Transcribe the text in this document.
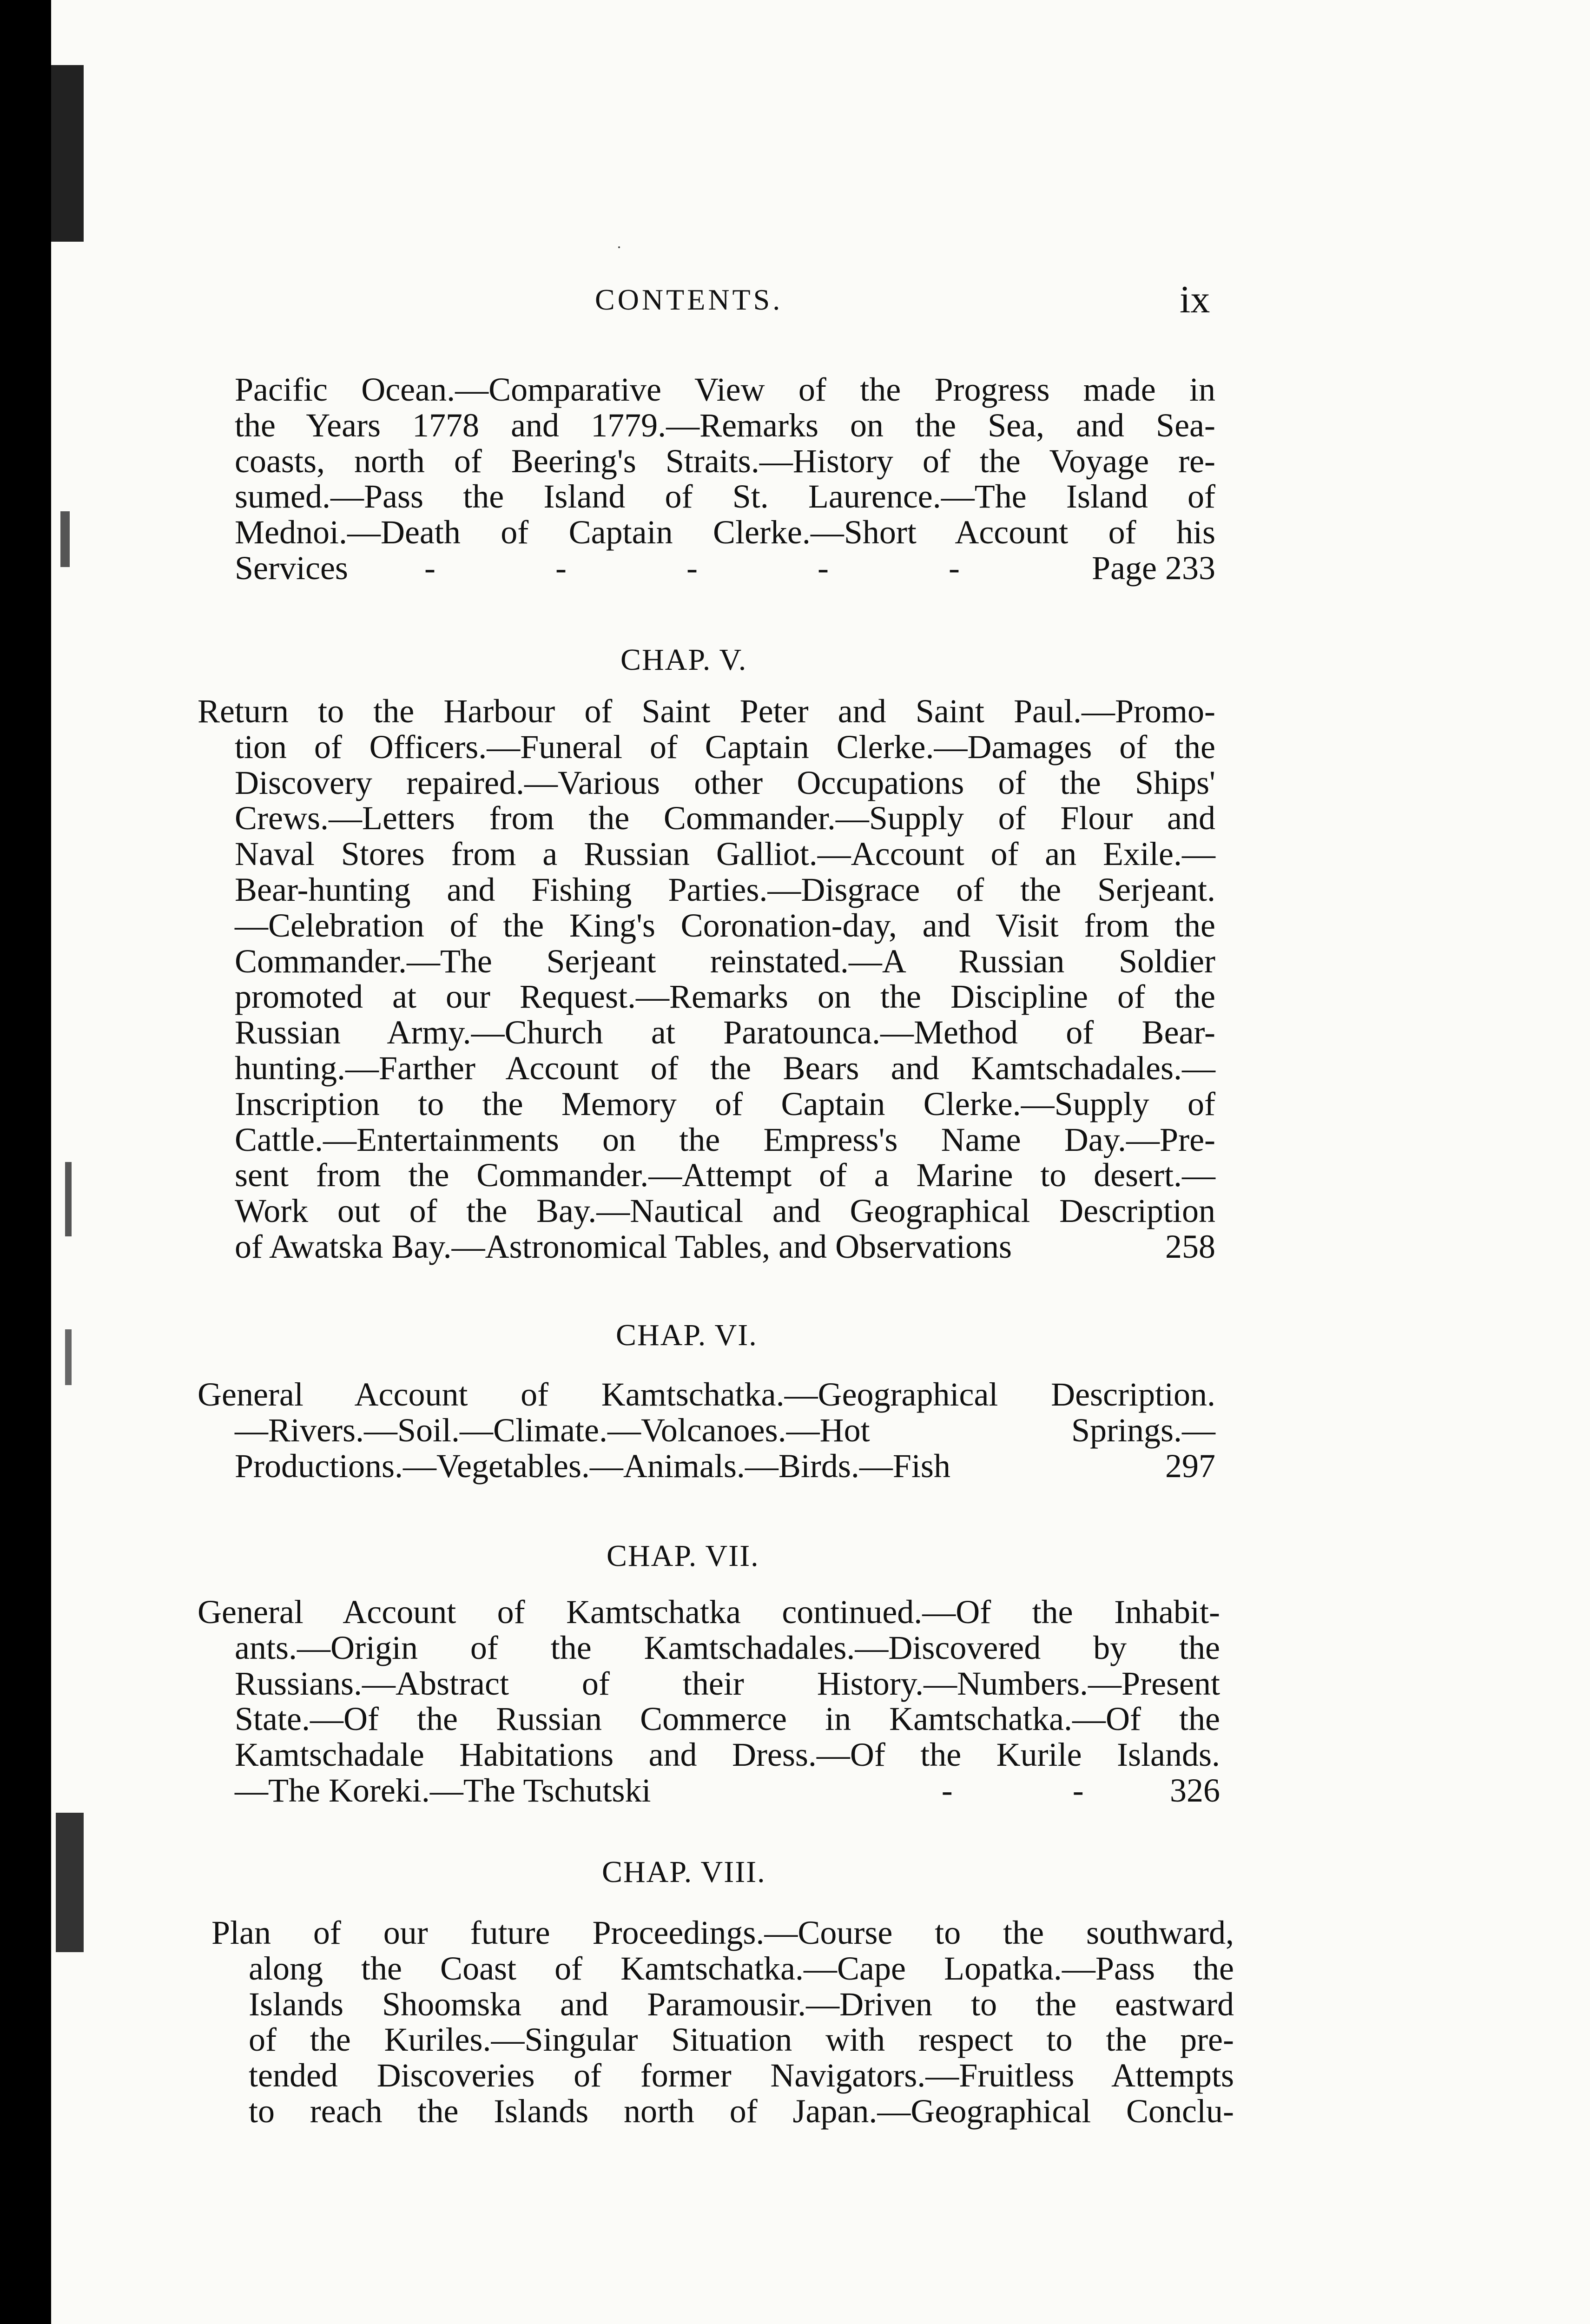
CONTENTS.	ix
Pacific Ocean.—Comparative View of the Progress made in
the Years 1778 and 1779.—Remarks on the Sea, and Sea-
coasts, north of Beering's Straits.—History of the Voyage re-
sumed.—Pass the Island of St. Laurence.—The Island of
Mednoi.—Death of Captain Clerke.—Short Account of his
Services - - - - - Page 233
CHAP. V.
Return to the Harbour of Saint Peter and Saint Paul.—Promo-
tion of Officers.—Funeral of Captain Clerke.—Damages of the
Discovery repaired.—Various other Occupations of the Ships'
Crews.—Letters from the Commander.—Supply of Flour and
Naval Stores from a Russian Galliot.—Account of an Exile.—
Bear-hunting and Fishing Parties.—Disgrace of the Serjeant.
—Celebration of the King's Coronation-day, and Visit from the
Commander.—The Serjeant reinstated.—A Russian Soldier
promoted at our Request.—Remarks on the Discipline of the
Russian Army.—Church at Paratounca.—Method of Bear-
hunting.—Farther Account of the Bears and Kamtschadales.—
Inscription to the Memory of Captain Clerke.—Supply of
Cattle.—Entertainments on the Empress's Name Day.—Pre-
sent from the Commander.—Attempt of a Marine to desert.—
Work out of the Bay.—Nautical and Geographical Description
of Awatska Bay.—Astronomical Tables, and Observations	258
CHAP. VI.
General Account of Kamtschatka.—Geographical Description.
—Rivers.—Soil.—Climate.—Volcanoes.—Hot Springs.—
Productions.—Vegetables.—Animals.—Birds.—Fish	297
CHAP. VII.
General Account of Kamtschatka continued.—Of the Inhabit-
ants.—Origin of the Kamtschadales.—Discovered by the
Russians.—Abstract of their History.—Numbers.—Present
State.—Of the Russian Commerce in Kamtschatka.—Of the
Kamtschadale Habitations and Dress.—Of the Kurile Islands.
—The Koreki.—The Tschutski	- - 326
CHAP. VIII.
Plan of our future Proceedings.—Course to the southward,
along the Coast of Kamtschatka.—Cape Lopatka.—Pass the
Islands Shoomska and Paramousir.—Driven to the eastward
of the Kuriles.—Singular Situation with respect to the pre-
tended Discoveries of former Navigators.—Fruitless Attempts
to reach the Islands north of Japan.—Geographical Conclu-
